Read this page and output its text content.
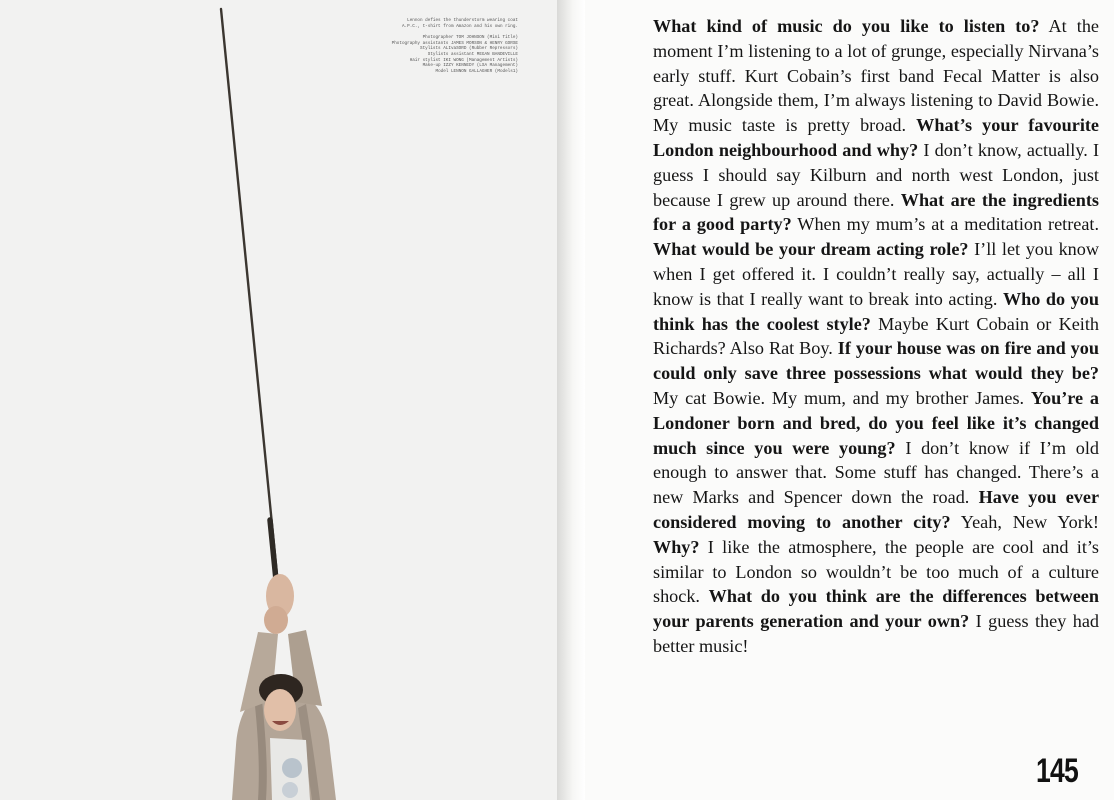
Lennon defies the thunderstorm wearing coat
A.P.C., t-shirt from Amazon and his own ring.
Photographer TOM JOHNSON (Mini Title)
Photography assistants JAMES MORSON & HENRY GORSE
Stylists ALIvaSORD (Rubber Repressors)
Stylists assistant MEGAN BANDEVILLE
Hair stylist IKI WONG (Management Artists)
Make-up IZZY KENNEDY (LSA Management)
Model LENNON GALLAGHER (Models1)

What kind of music do you like to listen to? At the moment I’m listening to a lot of grunge, especially Nirvana’s early stuff. Kurt Cobain’s first band Fecal Matter is also great. Alongside them, I’m always listening to David Bowie. My music taste is pretty broad. What’s your favourite London neighbourhood and why? I don’t know, actually. I guess I should say Kilburn and north west London, just because I grew up around there. What are the ingredients for a good party? When my mum’s at a meditation retreat. What would be your dream acting role? I’ll let you know when I get offered it. I couldn’t really say, actually – all I know is that I really want to break into acting. Who do you think has the coolest style? Maybe Kurt Cobain or Keith Richards? Also Rat Boy. If your house was on fire and you could only save three possessions what would they be? My cat Bowie. My mum, and my brother James. You’re a Londoner born and bred, do you feel like it’s changed much since you were young? I don’t know if I’m old enough to answer that. Some stuff has changed. There’s a new Marks and Spencer down the road. Have you ever considered moving to another city? Yeah, New York! Why? I like the atmosphere, the people are cool and it’s similar to London so wouldn’t be too much of a culture shock. What do you think are the differences between your parents generation and your own? I guess they had better music!

145
